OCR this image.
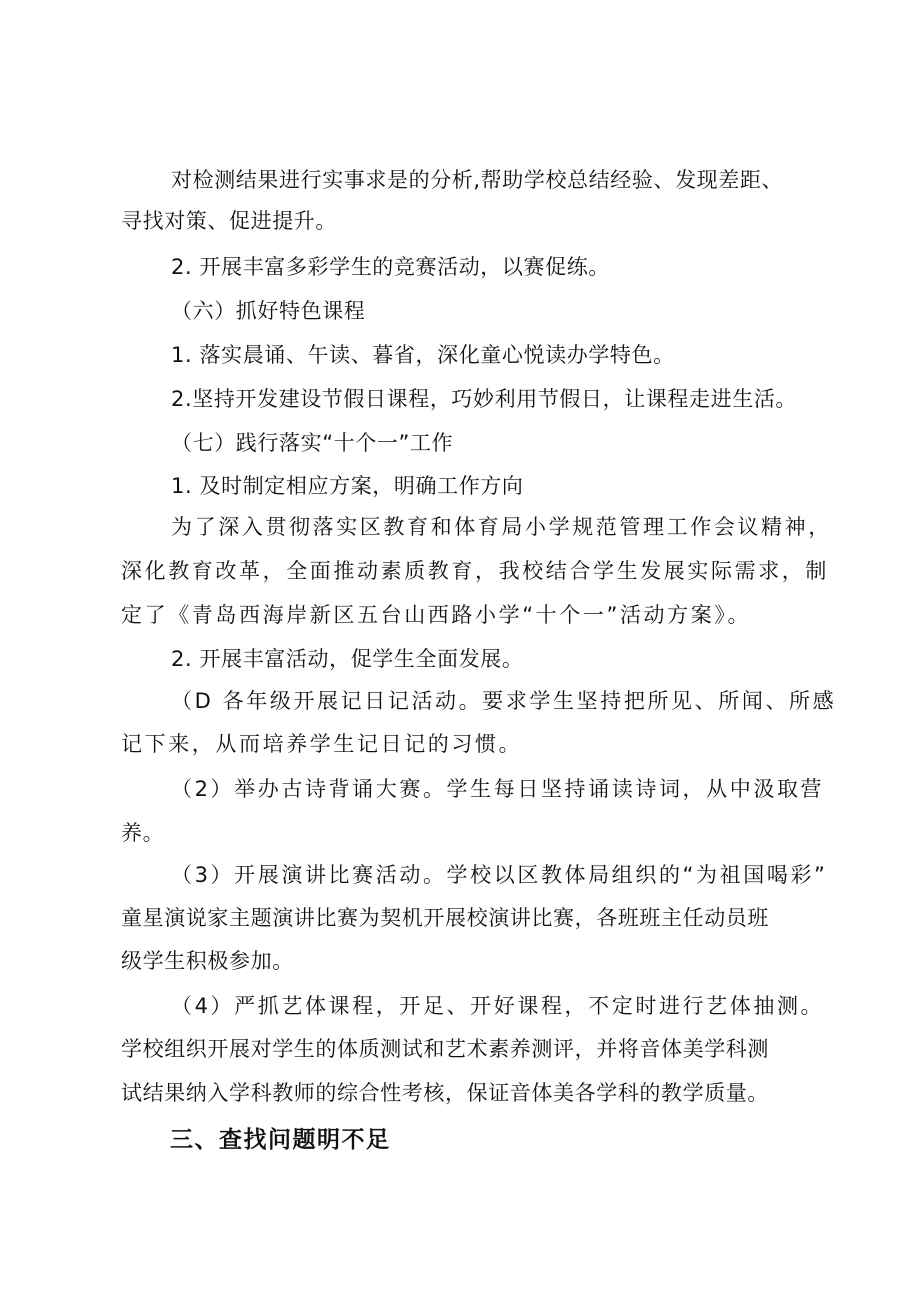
对检测结果进行实事求是的分析,帮助学校总结经验、发现差距、
寻找对策、促进提升。
2. 开展丰富多彩学生的竞赛活动，以赛促练。
（六）抓好特色课程
1. 落实晨诵、午读、暮省，深化童心悦读办学特色。
2.坚持开发建设节假日课程，巧妙利用节假日，让课程走进生活。
（七）践行落实“十个一”工作
1. 及时制定相应方案，明确工作方向
为了深入贯彻落实区教育和体育局小学规范管理工作会议精神，
深化教育改革，全面推动素质教育，我校结合学生发展实际需求，制
定了《青岛西海岸新区五台山西路小学“十个一”活动方案》。
2. 开展丰富活动，促学生全面发展。
（D 各年级开展记日记活动。要求学生坚持把所见、所闻、所感
记下来，从而培养学生记日记的习惯。
（2）举办古诗背诵大赛。学生每日坚持诵读诗词，从中汲取营
养。
（3）开展演讲比赛活动。学校以区教体局组织的“为祖国喝彩”
童星演说家主题演讲比赛为契机开展校演讲比赛，各班班主任动员班
级学生积极参加。
（4）严抓艺体课程，开足、开好课程，不定时进行艺体抽测。
学校组织开展对学生的体质测试和艺术素养测评，并将音体美学科测
试结果纳入学科教师的综合性考核，保证音体美各学科的教学质量。
三、查找问题明不足
